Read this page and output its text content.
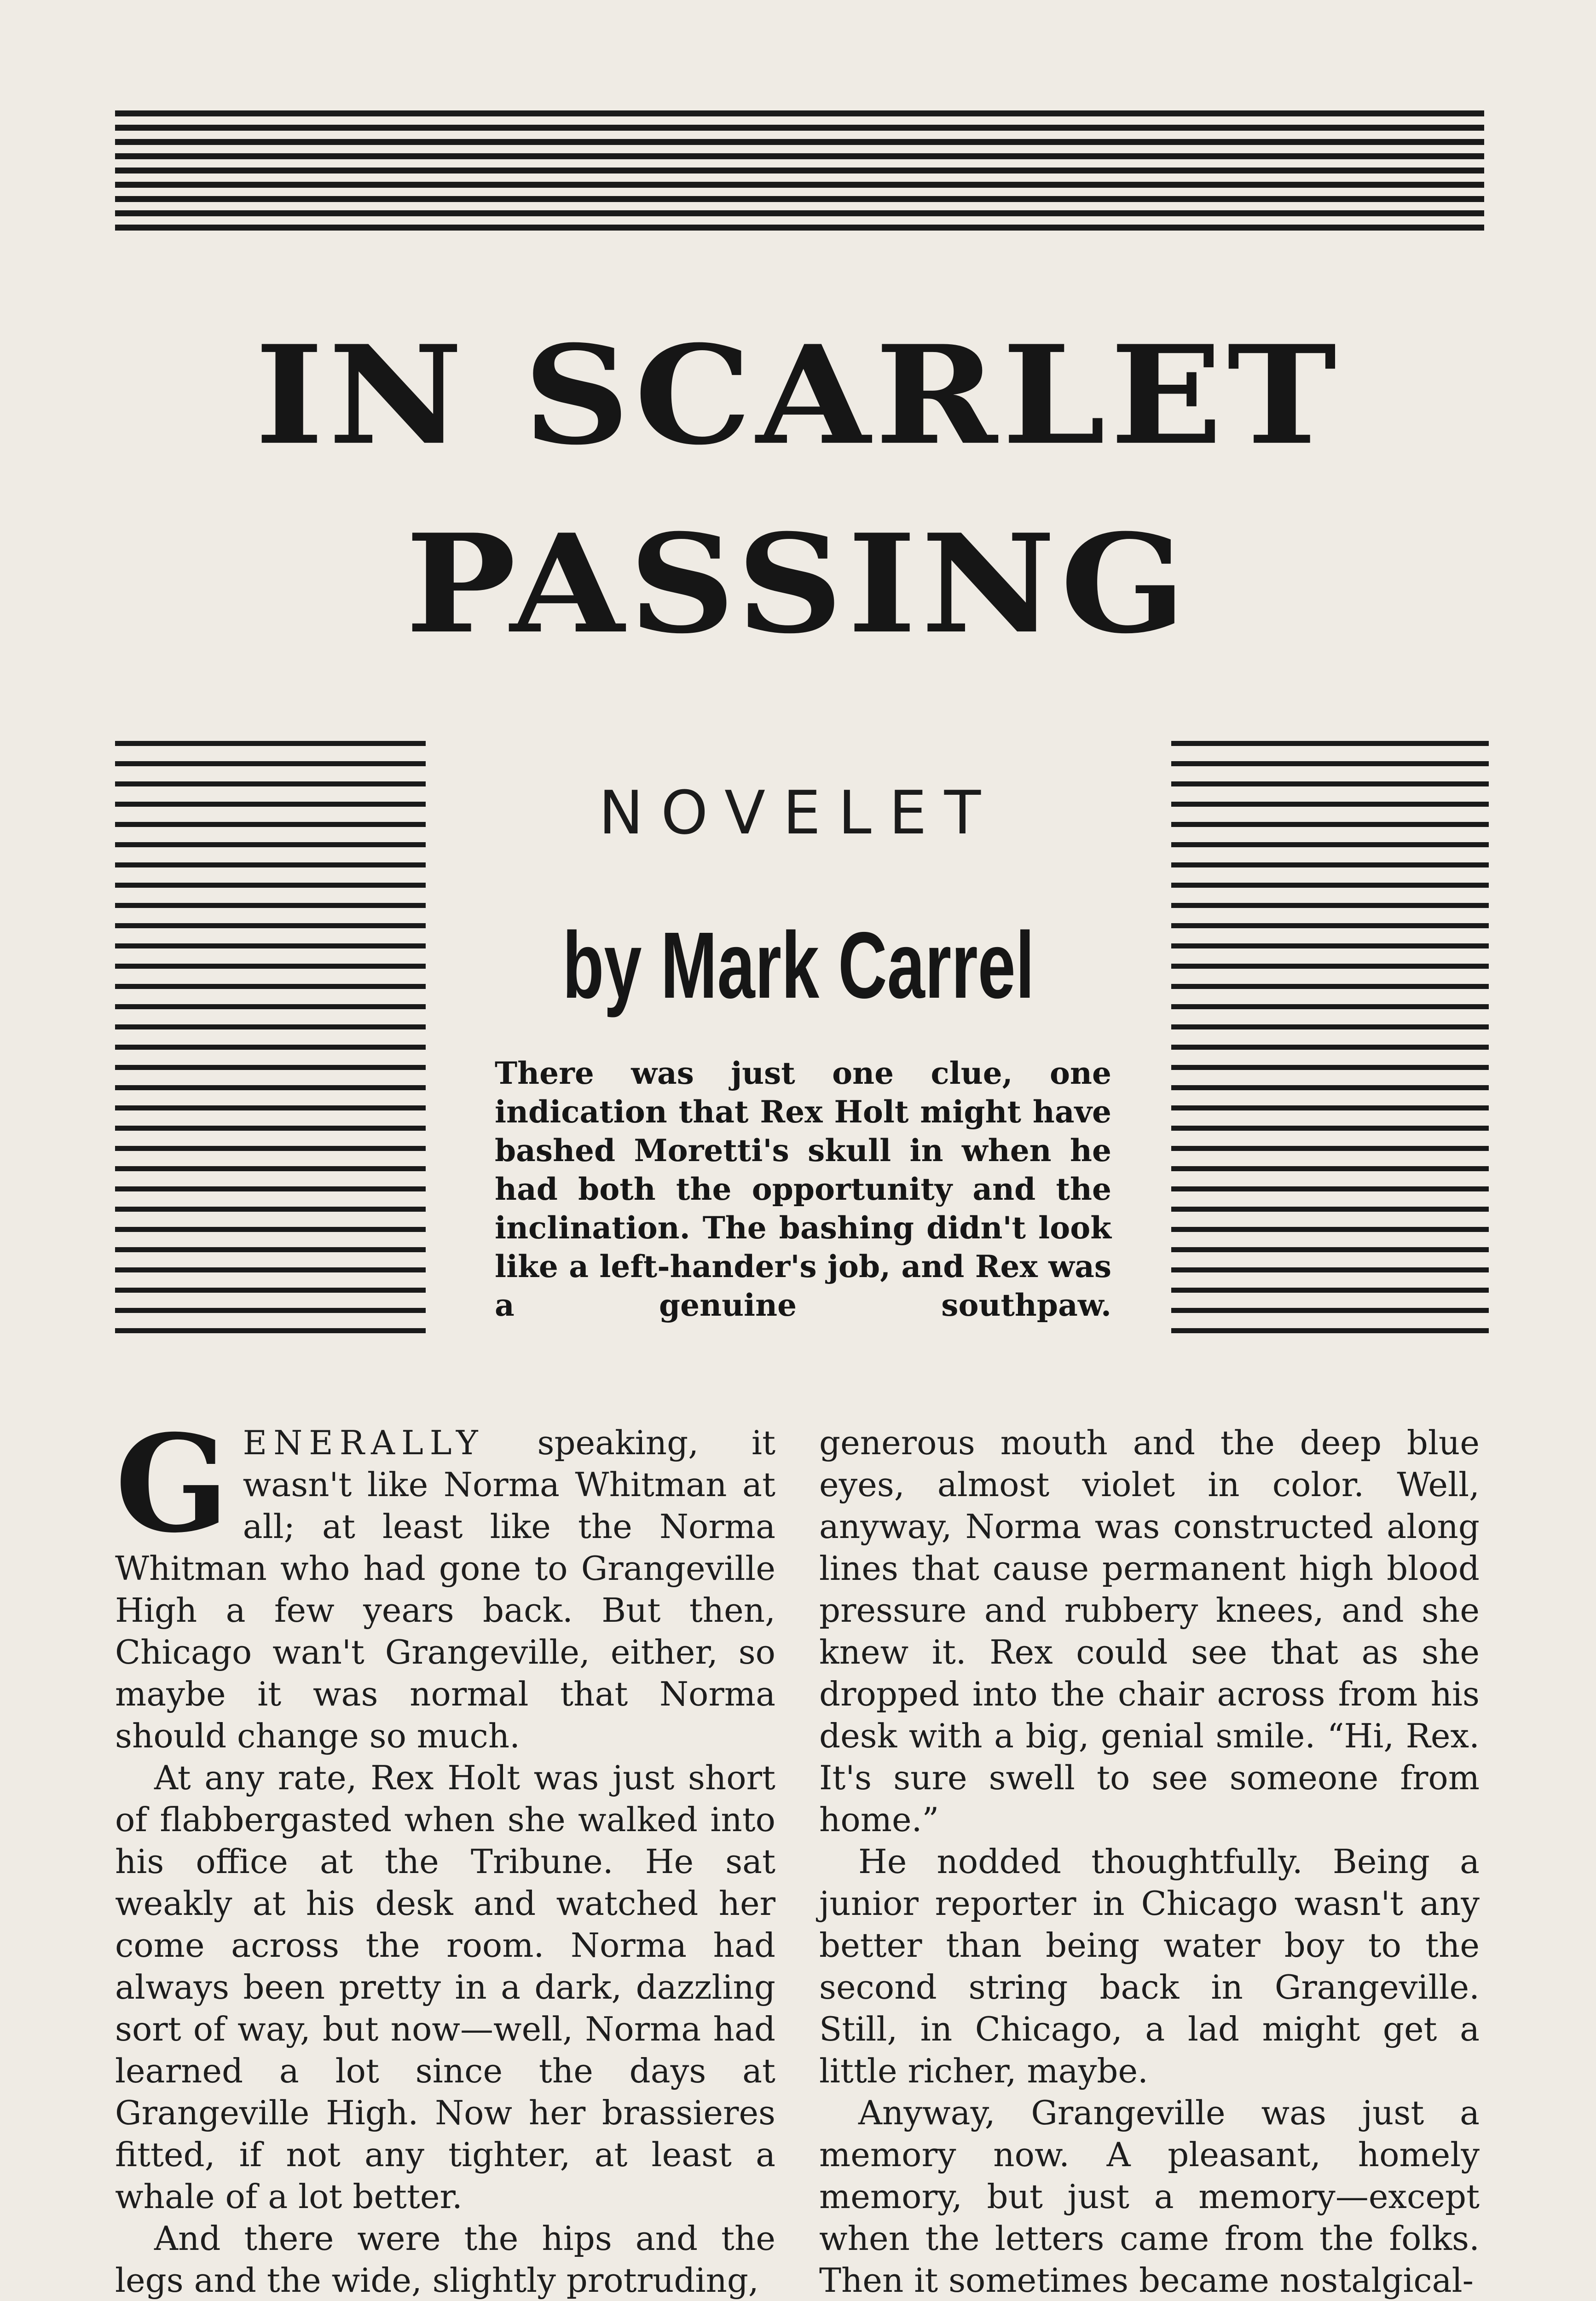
IN SCARLET
PASSING
NOVELET
by Mark Carrel

There was just one clue, one indication that Rex Holt might have bashed Moretti's skull in when he had both the opportunity and the inclination. The bashing didn't look like a left-hander's job, and Rex was a genuine southpaw.

GENERALLY speaking, it wasn't like Norma Whitman at all; at least like the Norma Whitman who had gone to Grangeville High a few years back. But then, Chicago wan't Grangeville, either, so maybe it was normal that Norma should change so much.

At any rate, Rex Holt was just short of flabbergasted when she walked into his office at the Tribune. He sat weakly at his desk and watched her come across the room. Norma had always been pretty in a dark, dazzling sort of way, but now—well, Norma had learned a lot since the days at Grangeville High. Now her brassieres fitted, if not any tighter, at least a whale of a lot better.

And there were the hips and the legs and the wide, slightly protruding,

generous mouth and the deep blue eyes, almost violet in color. Well, anyway, Norma was constructed along lines that cause permanent high blood pressure and rubbery knees, and she knew it. Rex could see that as she dropped into the chair across from his desk with a big, genial smile. “Hi, Rex. It's sure swell to see someone from home.”

He nodded thoughtfully. Being a junior reporter in Chicago wasn't any better than being water boy to the second string back in Grangeville. Still, in Chicago, a lad might get a little richer, maybe.

Anyway, Grangeville was just a memory now. A pleasant, homely memory, but just a memory—except when the letters came from the folks. Then it sometimes became nostalgical-
